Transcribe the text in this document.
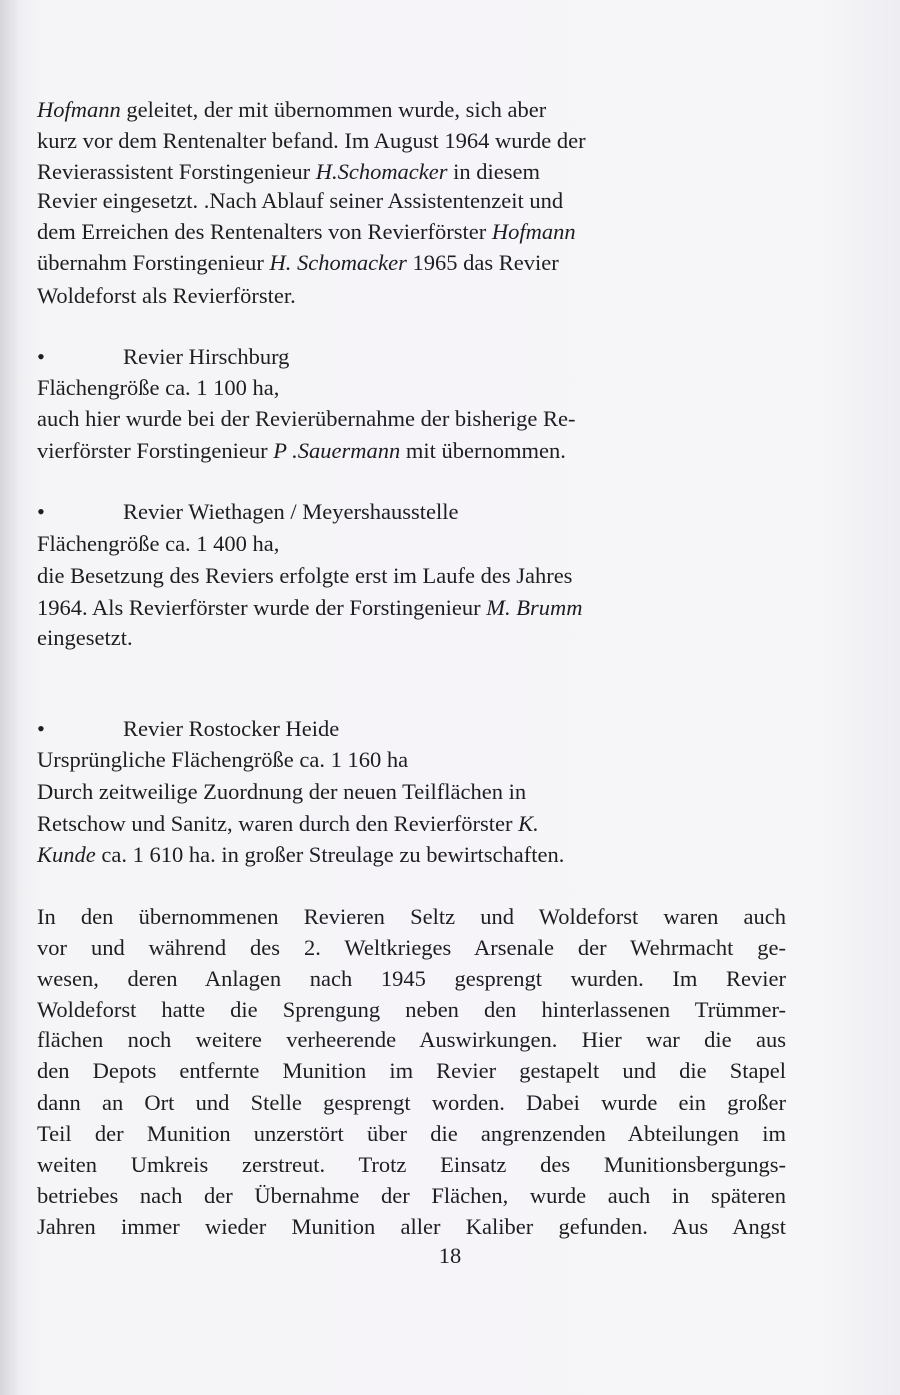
Hofmann geleitet, der mit übernommen wurde, sich aber
kurz vor dem Rentenalter befand. Im August 1964 wurde der
Revierassistent Forstingenieur H.Schomacker in diesem
Revier eingesetzt. .Nach Ablauf seiner Assistentenzeit und
dem Erreichen des Rentenalters von Revierförster Hofmann
übernahm Forstingenieur H. Schomacker 1965 das Revier
Woldeforst als Revierförster.
•	Revier Hirschburg
Flächengröße ca. 1 100 ha,
auch hier wurde bei der Revierübernahme der bisherige Re-
vierförster Forstingenieur P .Sauermann mit übernommen.
•	Revier Wiethagen / Meyershausstelle
Flächengröße ca. 1 400 ha,
die Besetzung des Reviers erfolgte erst im Laufe des Jahres
1964. Als Revierförster wurde der Forstingenieur M. Brumm
eingesetzt.
•	Revier Rostocker Heide
Ursprüngliche Flächengröße ca. 1 160 ha
Durch zeitweilige Zuordnung der neuen Teilflächen in
Retschow und Sanitz, waren durch den Revierförster K.
Kunde ca. 1 610 ha. in großer Streulage zu bewirtschaften.
In den übernommenen Revieren Seltz und Woldeforst waren auch
vor und während des 2. Weltkrieges Arsenale der Wehrmacht ge-
wesen, deren Anlagen nach 1945 gesprengt wurden. Im Revier
Woldeforst hatte die Sprengung neben den hinterlassenen Trümmer-
flächen noch weitere verheerende Auswirkungen. Hier war die aus
den Depots entfernte Munition im Revier gestapelt und die Stapel
dann an Ort und Stelle gesprengt worden. Dabei wurde ein großer
Teil der Munition unzerstört über die angrenzenden Abteilungen im
weiten Umkreis zerstreut. Trotz Einsatz des Munitionsbergungs-
betriebes nach der Übernahme der Flächen, wurde auch in späteren
Jahren immer wieder Munition aller Kaliber gefunden. Aus Angst
18
